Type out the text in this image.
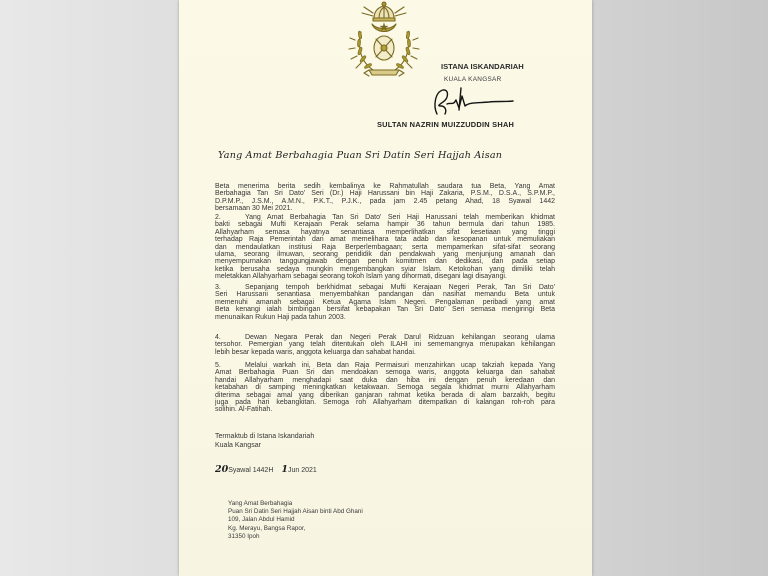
ISTANA ISKANDARIAH
KUALA KANGSAR
SULTAN NAZRIN MUIZZUDDIN SHAH
Yang Amat Berbahagia Puan Sri Datin Seri Hajjah Aisan
Beta menerima berita sedih kembalinya ke Rahmatullah saudara tua Beta, Yang Amat
Berbahagia Tan Sri Dato' Seri (Dr.) Haji Harussani bin Haji Zakaria, P.S.M., D.S.A., S.P.M.P.,
D.P.M.P., J.S.M., A.M.N., P.K.T., P.J.K., pada jam 2.45 petang Ahad, 18 Syawal 1442
bersamaan 30 Mei 2021.
2.	Yang Amat Berbahagia Tan Sri Dato' Seri Haji Harussani telah memberikan khidmat
bakti sebagai Mufti Kerajaan Perak selama hampir 36 tahun bermula dari tahun 1985.
Allahyarham semasa hayatnya senantiasa memperlihatkan sifat kesetiaan yang tinggi
terhadap Raja Pemerintah dan amat memelihara tata adab dan kesopanan untuk memuliakan
dan mendaulatkan institusi Raja Berperlembagaan; serta mempamerkan sifat-sifat seorang
ulama, seorang ilmuwan, seorang pendidik dan pendakwah yang menjunjung amanah dan
menyempurnakan tanggungjawab dengan penuh komitmen dan dedikasi, dan pada setiap
ketika berusaha sedaya mungkin mengembangkan syiar Islam. Ketokohan yang dimiliki telah
meletakkan Allahyarham sebagai seorang tokoh Islam yang dihormati, disegani lagi disayangi.
3.	Sepanjang tempoh berkhidmat sebagai Mufti Kerajaan Negeri Perak, Tan Sri Dato'
Seri Harussani senantiasa menyembahkan pandangan dan nasihat memandu Beta untuk
memenuhi amanah sebagai Ketua Agama Islam Negeri. Pengalaman peribadi yang amat
Beta kenangi ialah bimbingan bersifat kebapakan Tan Sri Dato' Seri semasa mengiringi Beta
menunaikan Rukun Haji pada tahun 2003.
4.	Dewan Negara Perak dan Negeri Perak Darul Ridzuan kehilangan seorang ulama
tersohor. Pemergian yang telah ditentukan oleh ILAHI ini sememangnya merupakan kehilangan
lebih besar kepada waris, anggota keluarga dan sahabat handai.
5.	Melalui warkah ini, Beta dan Raja Permaisuri menzahirkan ucap takziah kepada Yang
Amat Berbahagia Puan Sri dan mendoakan semoga waris, anggota keluarga dan sahabat
handai Allahyarham menghadapi saat duka dan hiba ini dengan penuh keredaan dan
ketabahan di samping meningkatkan ketakwaan. Semoga segala khidmat murni Allahyarham
diterima sebagai amal yang diberikan ganjaran rahmat ketika berada di alam barzakh, begitu
juga pada hari kebangkitan. Semoga roh Allahyarham ditempatkan di kalangan roh-roh para
solihin. Al-Fatihah.
Termaktub di Istana Iskandariah
Kuala Kangsar
20 Syawal 1442H 1 Jun 2021
Yang Amat Berbahagia
Puan Sri Datin Seri Hajjah Aisan binti Abd Ghani
109, Jalan Abdul Hamid
Kg. Merayu, Bangsa Rapor,
31350 Ipoh
